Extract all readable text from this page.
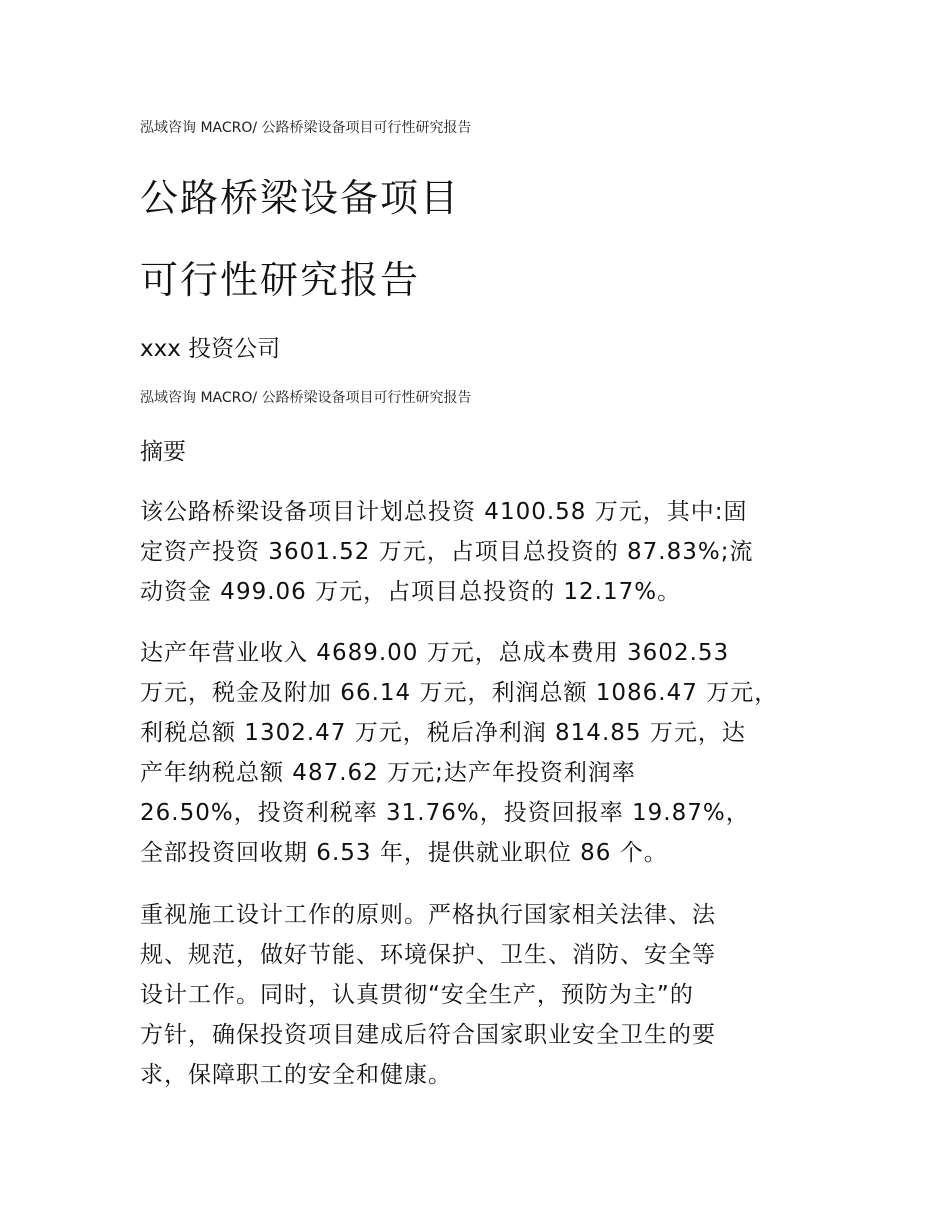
泓域咨询 MACRO/ 公路桥梁设备项目可行性研究报告
公路桥梁设备项目
可行性研究报告
xxx 投资公司
泓域咨询 MACRO/ 公路桥梁设备项目可行性研究报告
摘要
该公路桥梁设备项目计划总投资 4100.58 万元，其中:固
定资产投资 3601.52 万元，占项目总投资的 87.83%;流
动资金 499.06 万元，占项目总投资的 12.17%。
达产年营业收入 4689.00 万元，总成本费用 3602.53
万元，税金及附加 66.14 万元，利润总额 1086.47 万元，
利税总额 1302.47 万元，税后净利润 814.85 万元，达
产年纳税总额 487.62 万元;达产年投资利润率
26.50%，投资利税率 31.76%，投资回报率 19.87%，
全部投资回收期 6.53 年，提供就业职位 86 个。
重视施工设计工作的原则。严格执行国家相关法律、法
规、规范，做好节能、环境保护、卫生、消防、安全等
设计工作。同时，认真贯彻“安全生产，预防为主”的
方针，确保投资项目建成后符合国家职业安全卫生的要
求，保障职工的安全和健康。
